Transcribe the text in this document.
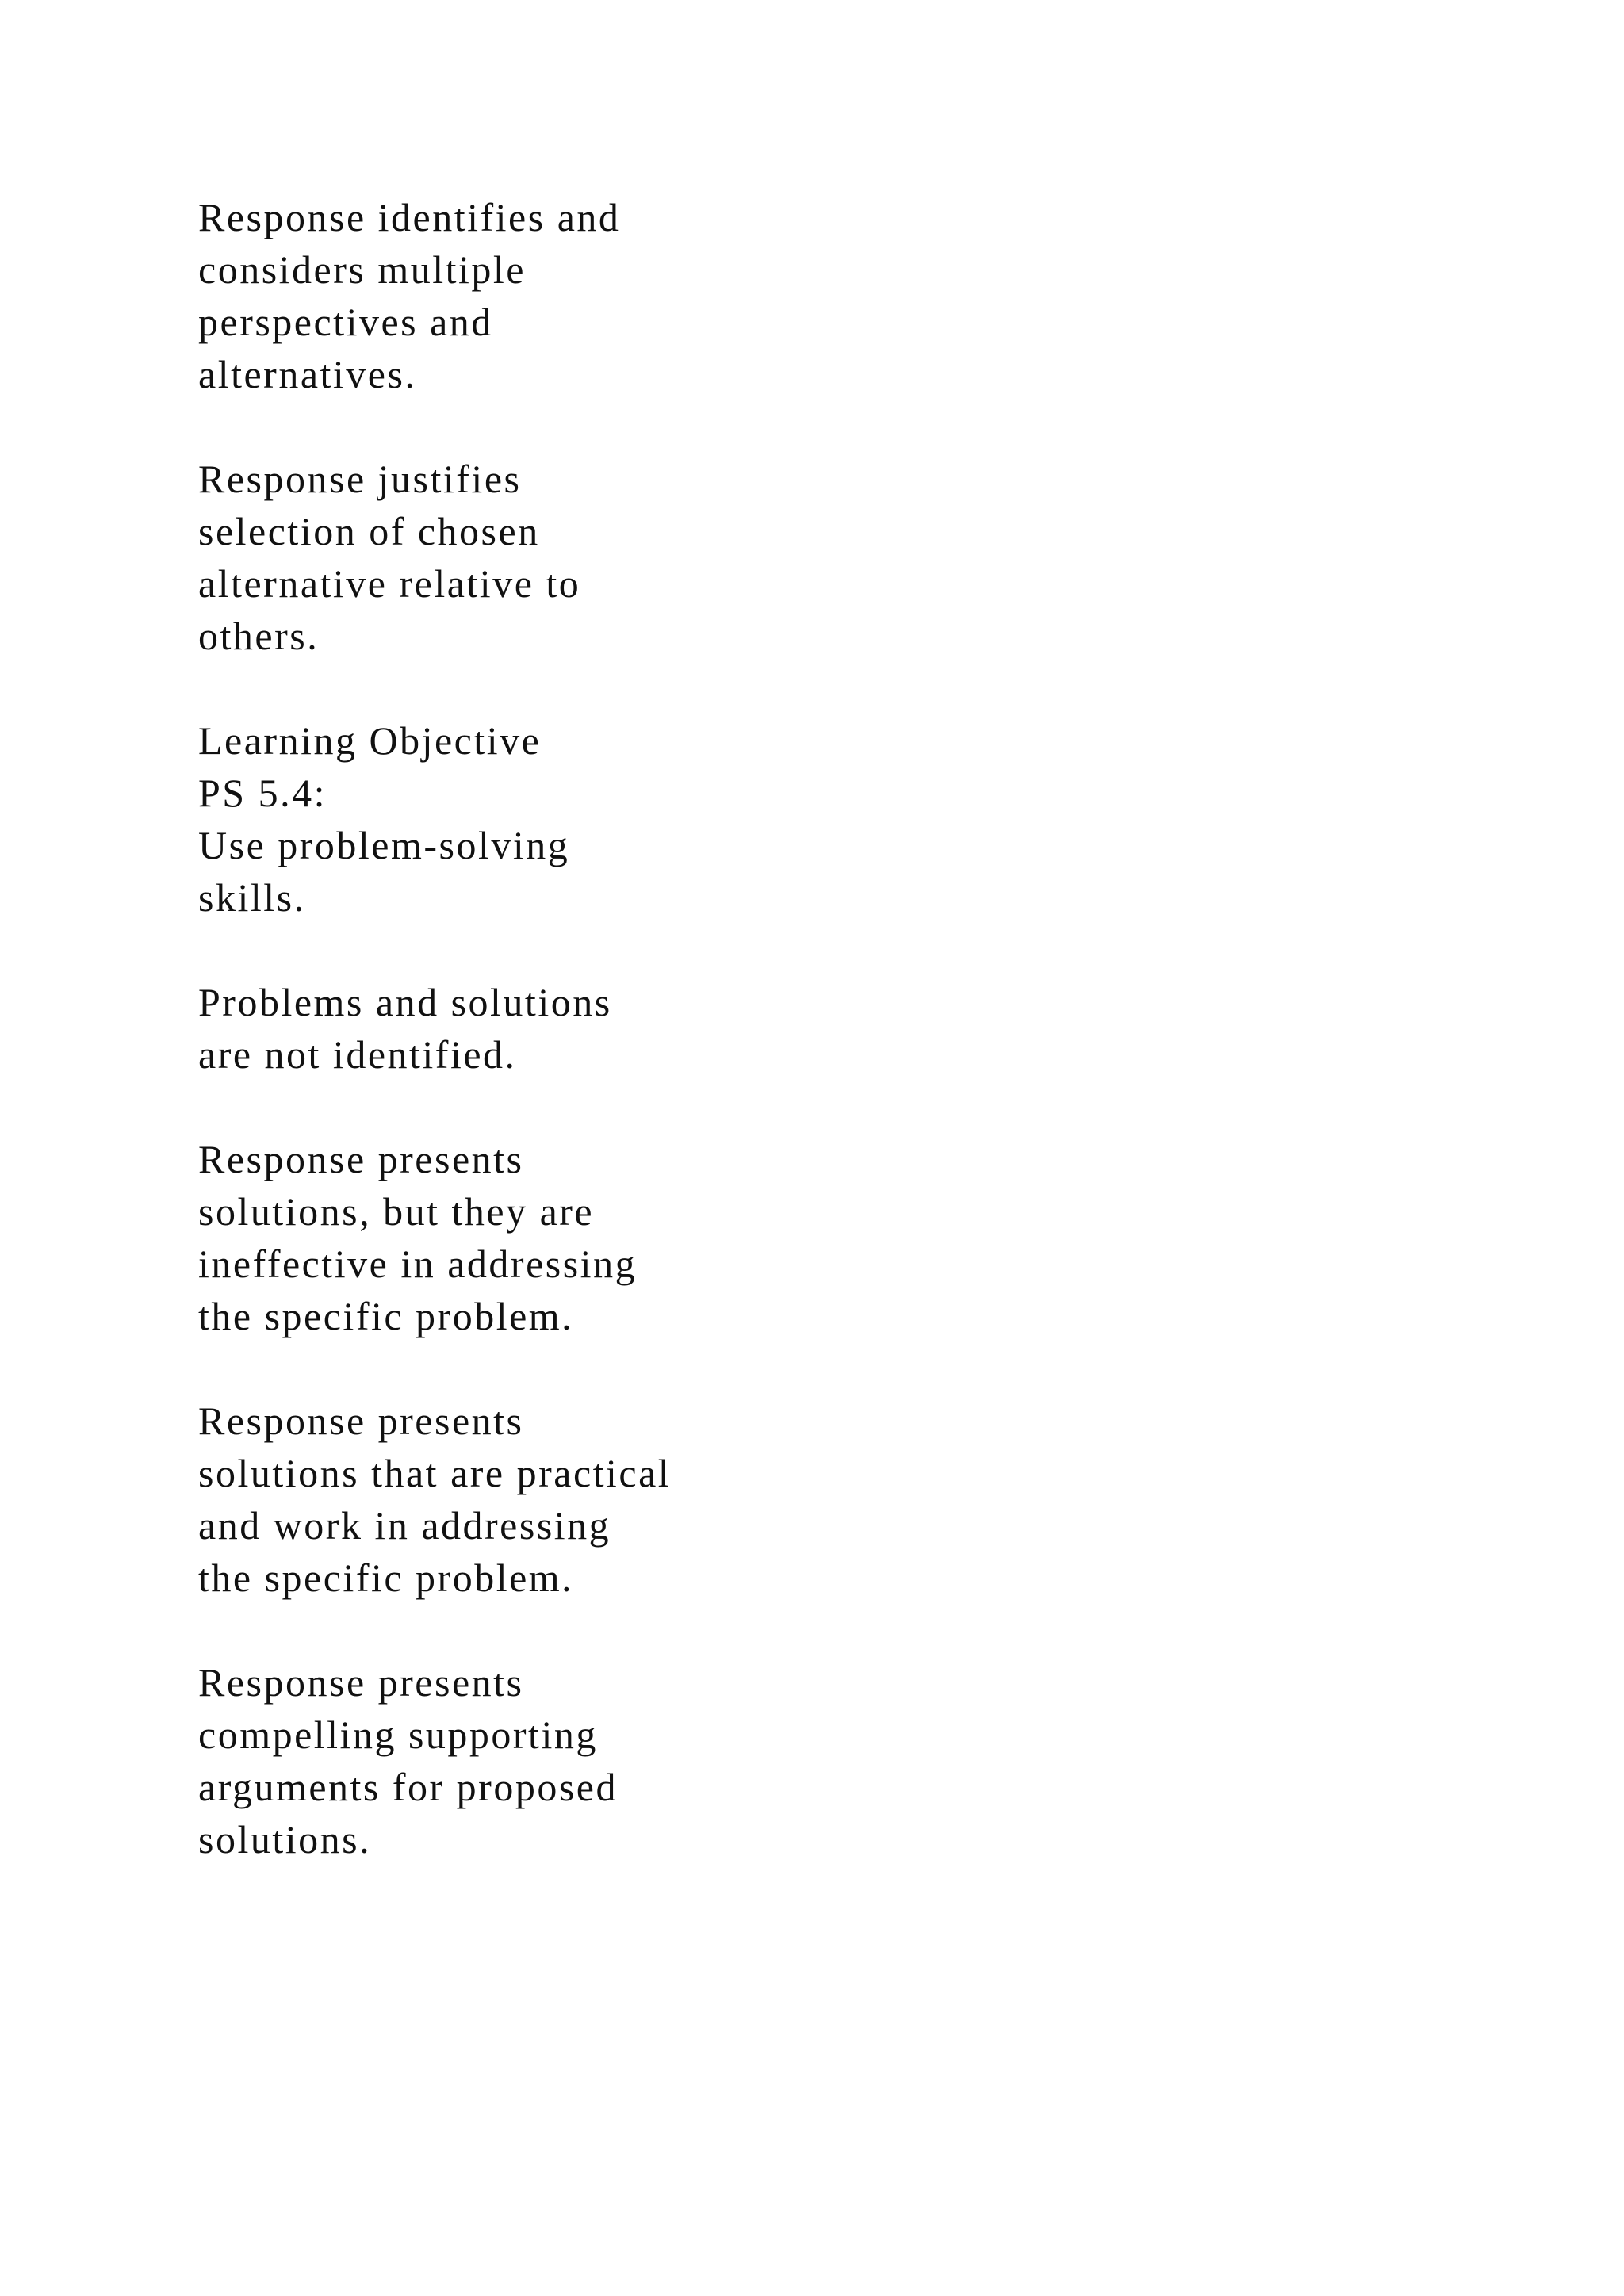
Response identifies and
considers multiple
perspectives and
alternatives.

Response justifies
selection of chosen
alternative relative to
others.

Learning Objective
PS 5.4:
Use problem-solving
skills.

Problems and solutions
are not identified.

Response presents
solutions, but they are
ineffective in addressing
the specific problem.

Response presents
solutions that are practical
and work in addressing
the specific problem.

Response presents
compelling supporting
arguments for proposed
solutions.
